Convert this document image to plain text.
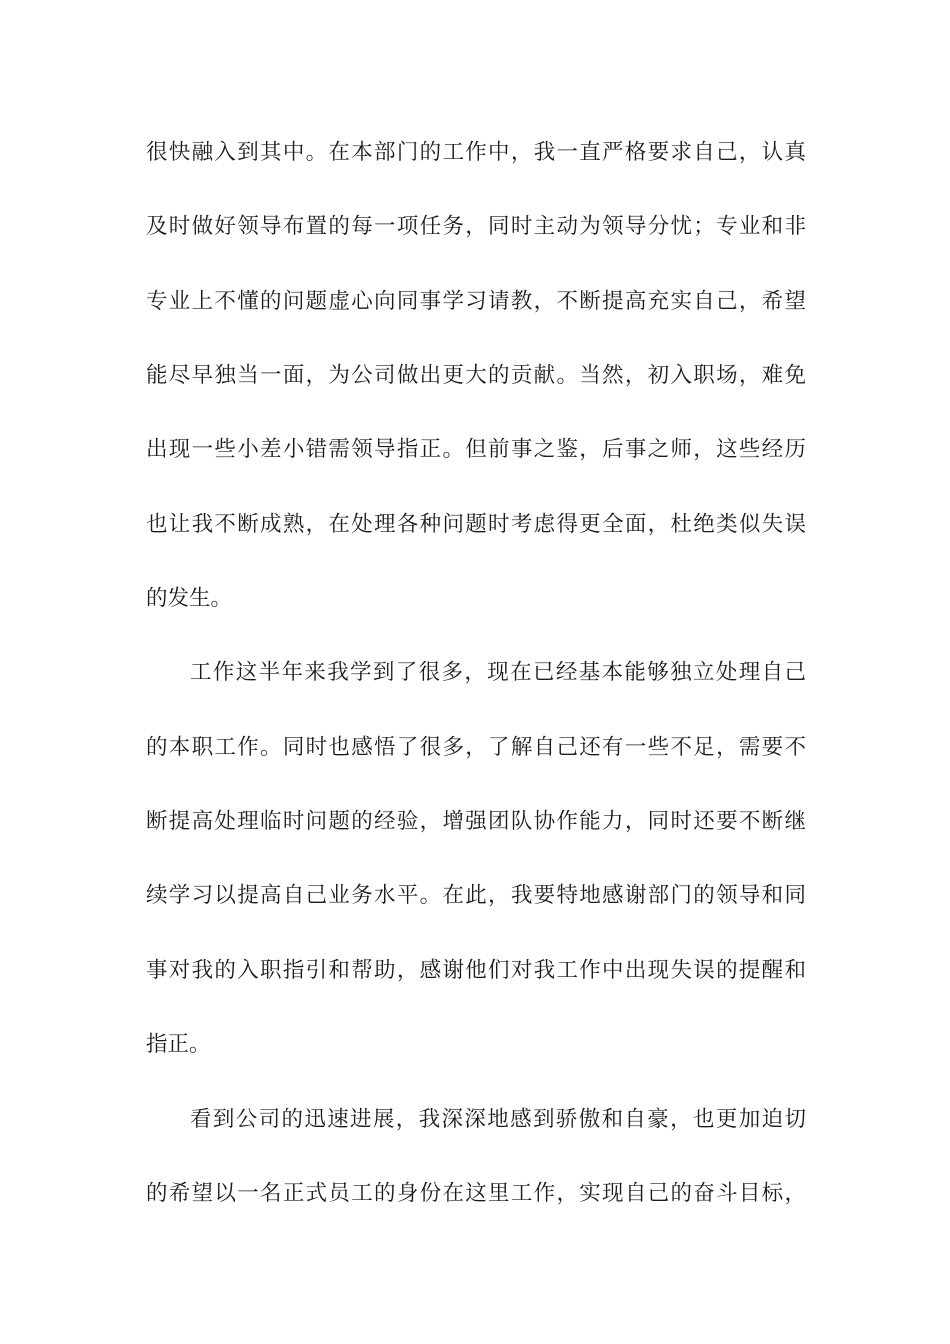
很快融入到其中。在本部门的工作中，我一直严格要求自己，认真
及时做好领导布置的每一项任务，同时主动为领导分忧；专业和非
专业上不懂的问题虚心向同事学习请教，不断提高充实自己，希望
能尽早独当一面，为公司做出更大的贡献。当然，初入职场，难免
出现一些小差小错需领导指正。但前事之鉴，后事之师，这些经历
也让我不断成熟，在处理各种问题时考虑得更全面，杜绝类似失误
的发生。
工作这半年来我学到了很多，现在已经基本能够独立处理自己
的本职工作。同时也感悟了很多，了解自己还有一些不足，需要不
断提高处理临时问题的经验，增强团队协作能力，同时还要不断继
续学习以提高自己业务水平。在此，我要特地感谢部门的领导和同
事对我的入职指引和帮助，感谢他们对我工作中出现失误的提醒和
指正。
看到公司的迅速进展，我深深地感到骄傲和自豪，也更加迫切
的希望以一名正式员工的身份在这里工作，实现自己的奋斗目标，
